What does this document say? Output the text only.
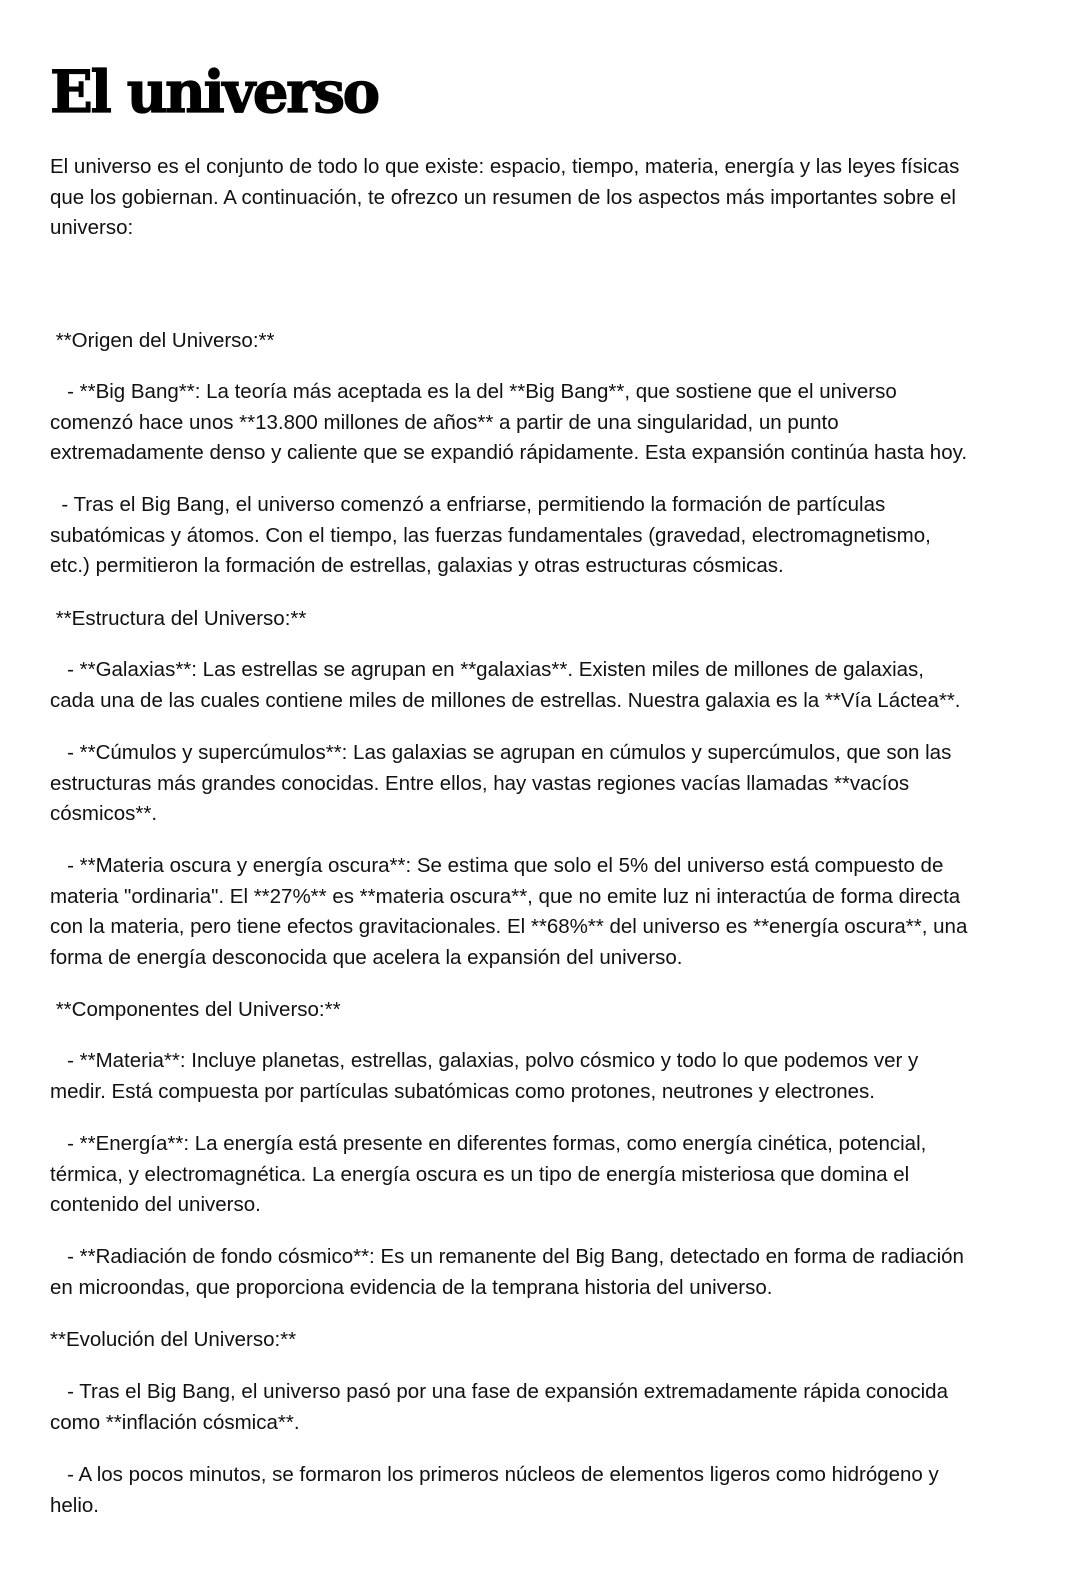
El universo

El universo es el conjunto de todo lo que existe: espacio, tiempo, materia, energía y las leyes físicas
que los gobiernan. A continuación, te ofrezco un resumen de los aspectos más importantes sobre el
universo:

**Origen del Universo:**

- **Big Bang**: La teoría más aceptada es la del **Big Bang**, que sostiene que el universo
comenzó hace unos **13.800 millones de años** a partir de una singularidad, un punto
extremadamente denso y caliente que se expandió rápidamente. Esta expansión continúa hasta hoy.

- Tras el Big Bang, el universo comenzó a enfriarse, permitiendo la formación de partículas
subatómicas y átomos. Con el tiempo, las fuerzas fundamentales (gravedad, electromagnetismo,
etc.) permitieron la formación de estrellas, galaxias y otras estructuras cósmicas.

**Estructura del Universo:**

- **Galaxias**: Las estrellas se agrupan en **galaxias**. Existen miles de millones de galaxias,
cada una de las cuales contiene miles de millones de estrellas. Nuestra galaxia es la **Vía Láctea**.

- **Cúmulos y supercúmulos**: Las galaxias se agrupan en cúmulos y supercúmulos, que son las
estructuras más grandes conocidas. Entre ellos, hay vastas regiones vacías llamadas **vacíos
cósmicos**.

- **Materia oscura y energía oscura**: Se estima que solo el 5% del universo está compuesto de
materia "ordinaria". El **27%** es **materia oscura**, que no emite luz ni interactúa de forma directa
con la materia, pero tiene efectos gravitacionales. El **68%** del universo es **energía oscura**, una
forma de energía desconocida que acelera la expansión del universo.

**Componentes del Universo:**

- **Materia**: Incluye planetas, estrellas, galaxias, polvo cósmico y todo lo que podemos ver y
medir. Está compuesta por partículas subatómicas como protones, neutrones y electrones.

- **Energía**: La energía está presente en diferentes formas, como energía cinética, potencial,
térmica, y electromagnética. La energía oscura es un tipo de energía misteriosa que domina el
contenido del universo.

- **Radiación de fondo cósmico**: Es un remanente del Big Bang, detectado en forma de radiación
en microondas, que proporciona evidencia de la temprana historia del universo.

**Evolución del Universo:**

- Tras el Big Bang, el universo pasó por una fase de expansión extremadamente rápida conocida
como **inflación cósmica**.

- A los pocos minutos, se formaron los primeros núcleos de elementos ligeros como hidrógeno y
helio.
